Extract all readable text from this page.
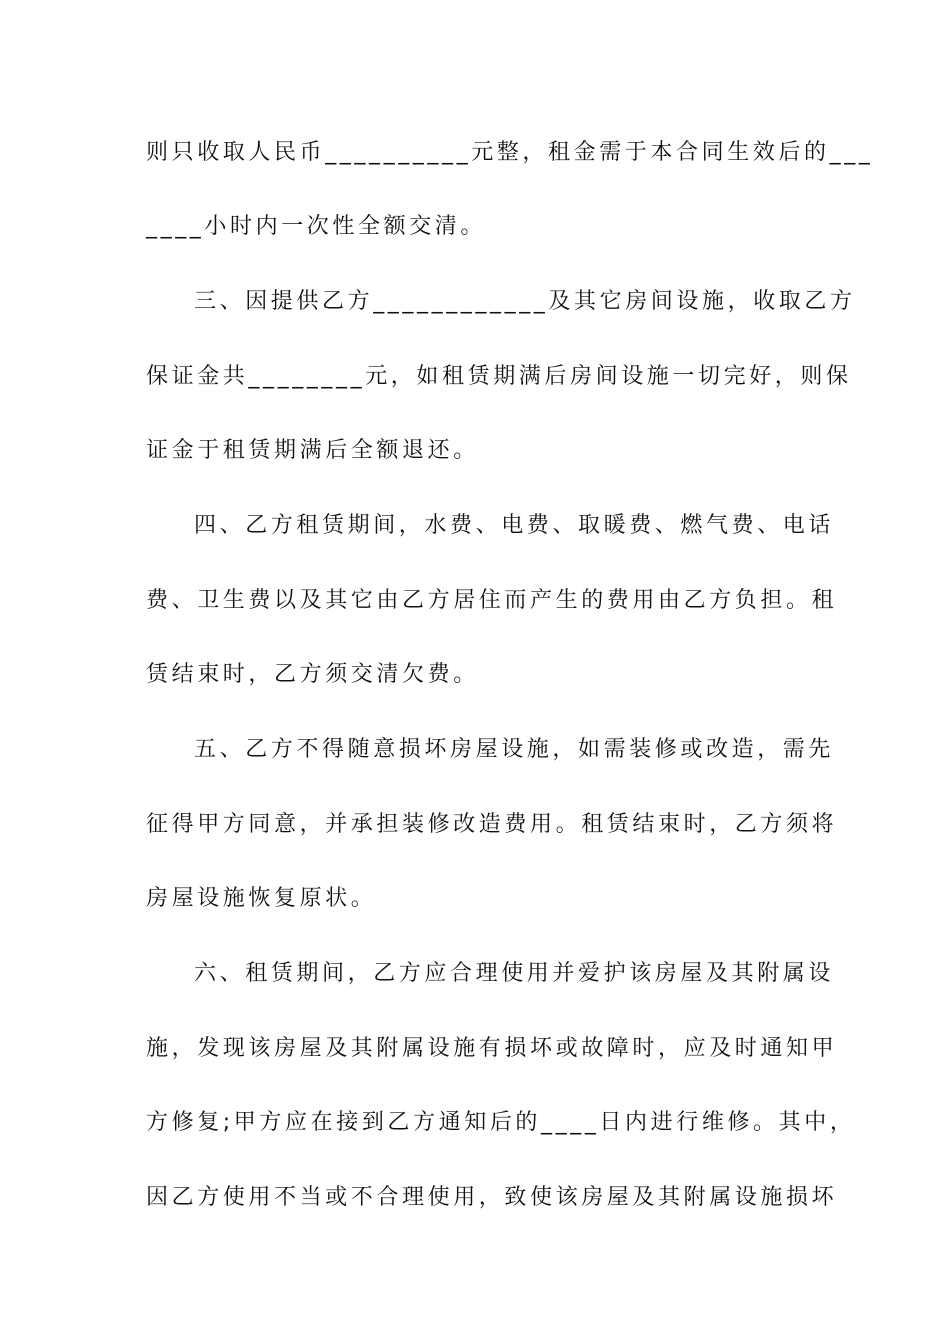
则只收取人民币__________元整，租金需于本合同生效后的___
____小时内一次性全额交清。
三、因提供乙方____________及其它房间设施，收取乙方
保证金共________元，如租赁期满后房间设施一切完好，则保
证金于租赁期满后全额退还。
四、乙方租赁期间，水费、电费、取暖费、燃气费、电话
费、卫生费以及其它由乙方居住而产生的费用由乙方负担。租
赁结束时，乙方须交清欠费。
五、乙方不得随意损坏房屋设施，如需装修或改造，需先
征得甲方同意，并承担装修改造费用。租赁结束时，乙方须将
房屋设施恢复原状。
六、租赁期间，乙方应合理使用并爱护该房屋及其附属设
施，发现该房屋及其附属设施有损坏或故障时，应及时通知甲
方修复;甲方应在接到乙方通知后的____日内进行维修。其中，
因乙方使用不当或不合理使用，致使该房屋及其附属设施损坏
